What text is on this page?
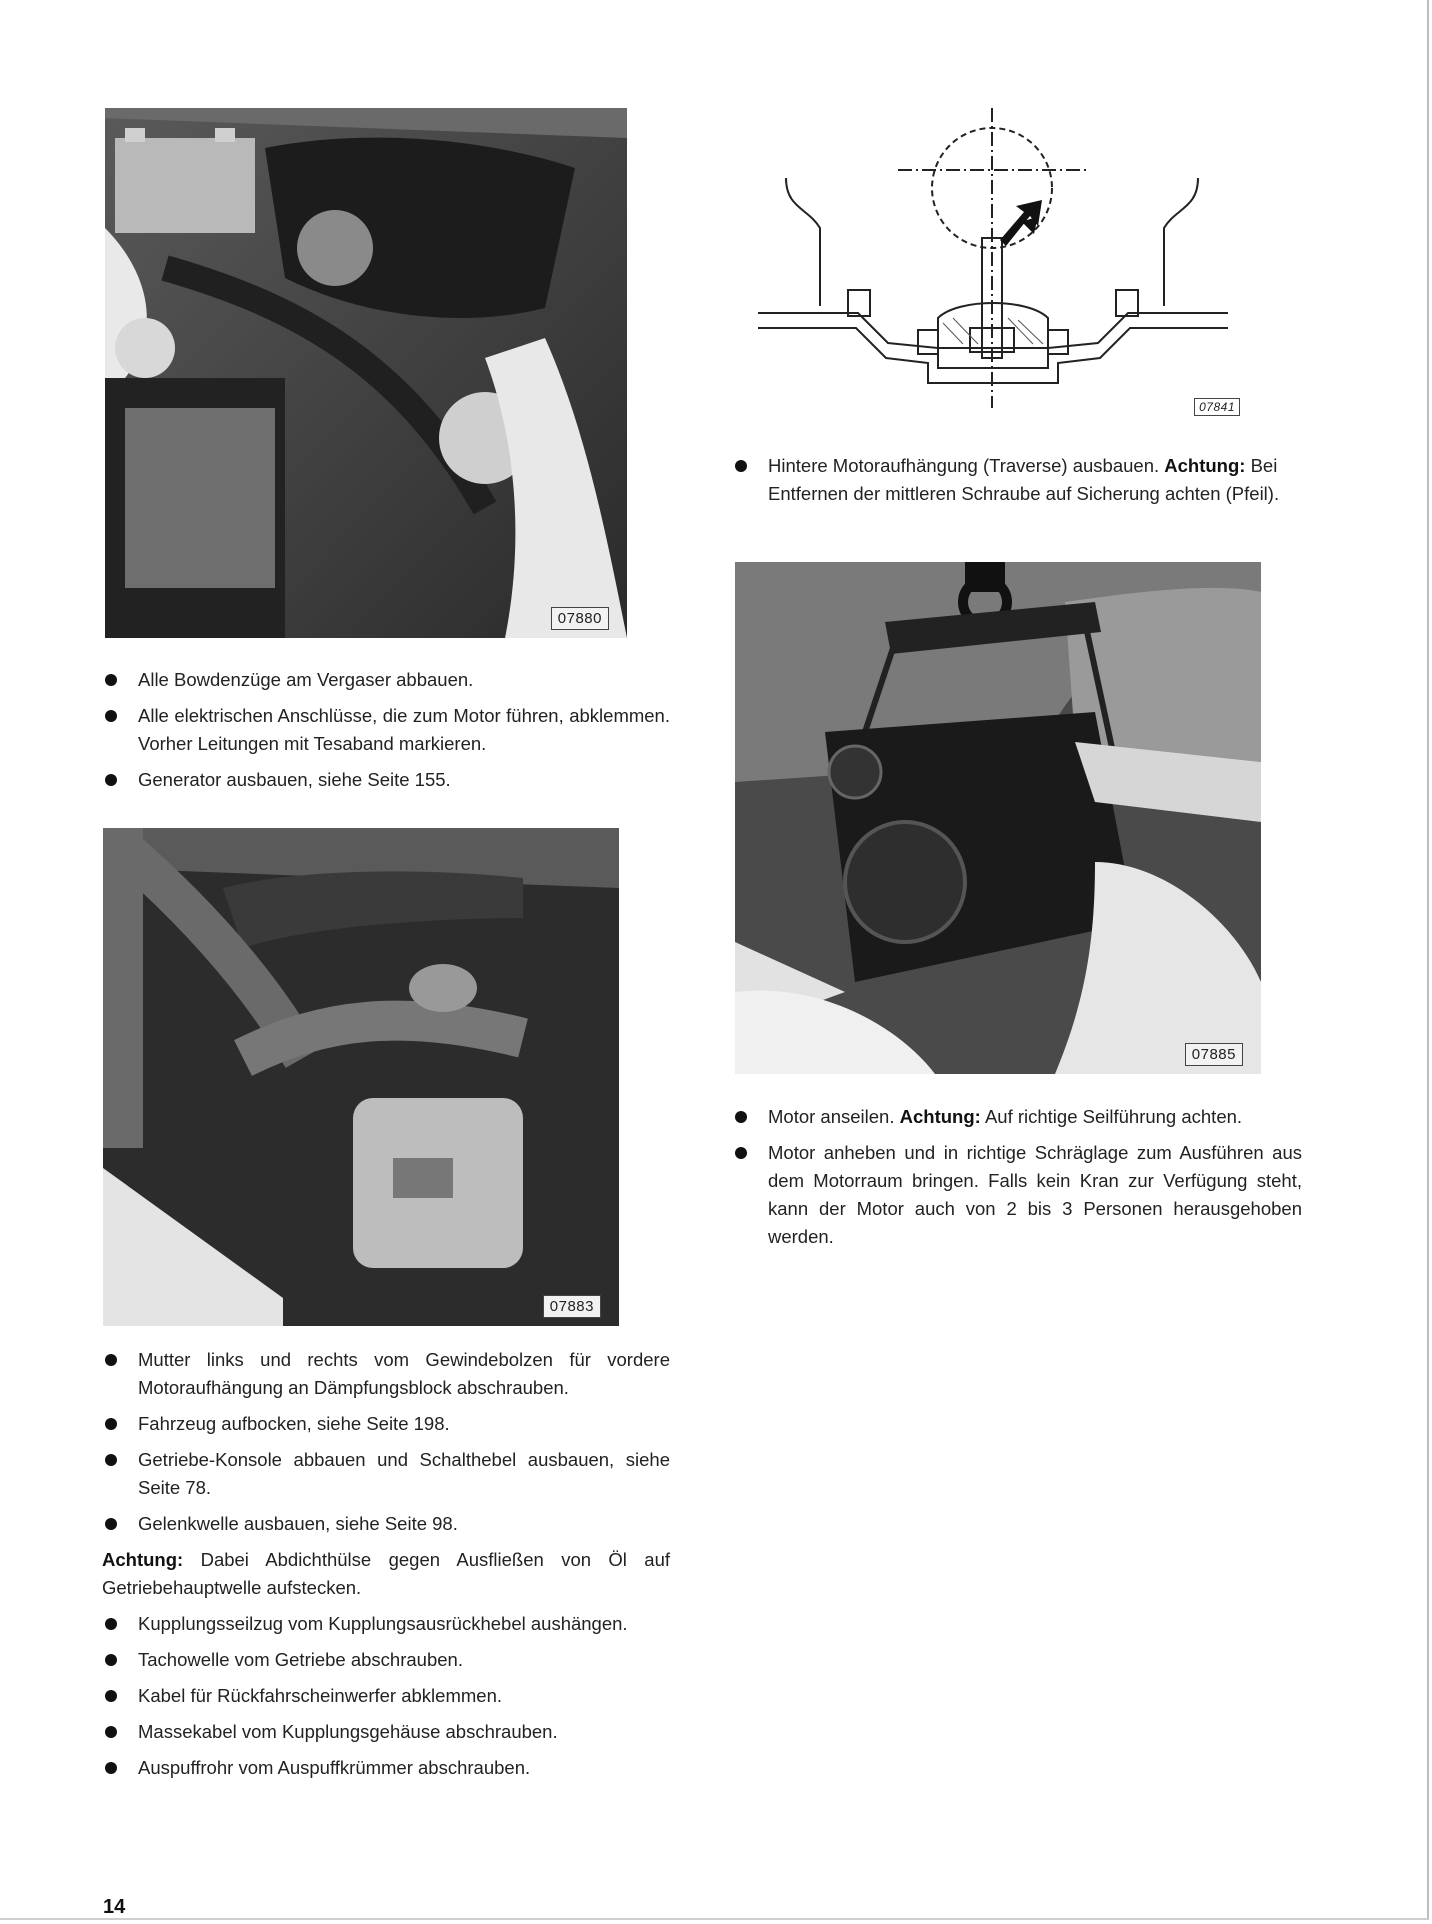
07880
07841
Hintere Motoraufhängung (Traverse) ausbauen. Achtung: Bei Entfernen der mittleren Schraube auf Sicherung achten (Pfeil).
07885
Motor anseilen. Achtung: Auf richtige Seilführung achten.
Motor anheben und in richtige Schräglage zum Ausführen aus dem Motorraum bringen. Falls kein Kran zur Verfügung steht, kann der Motor auch von 2 bis 3 Personen herausgehoben werden.
Alle Bowdenzüge am Vergaser abbauen.
Alle elektrischen Anschlüsse, die zum Motor führen, abklemmen. Vorher Leitungen mit Tesaband markieren.
Generator ausbauen, siehe Seite 155.
07883
Mutter links und rechts vom Gewindebolzen für vordere Motoraufhängung an Dämpfungsblock abschrauben.
Fahrzeug aufbocken, siehe Seite 198.
Getriebe-Konsole abbauen und Schalthebel ausbauen, siehe Seite 78.
Gelenkwelle ausbauen, siehe Seite 98.

Achtung: Dabei Abdichthülse gegen Ausfließen von Öl auf Getriebehauptwelle aufstecken.

Kupplungsseilzug vom Kupplungsausrückhebel aushängen.
Tachowelle vom Getriebe abschrauben.
Kabel für Rückfahrscheinwerfer abklemmen.
Massekabel vom Kupplungsgehäuse abschrauben.
Auspuffrohr vom Auspuffkrümmer abschrauben.
14
